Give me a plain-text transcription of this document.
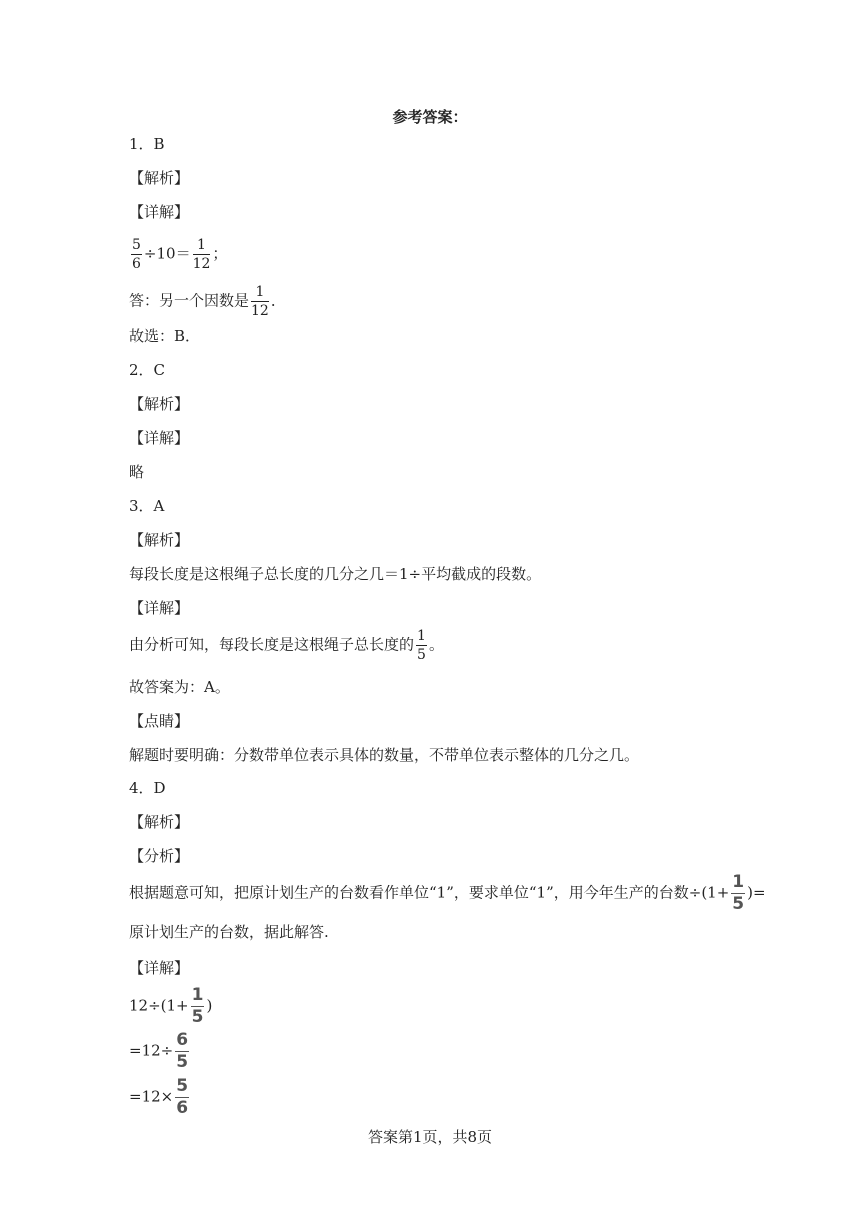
参考答案：
1．B
【解析】
【详解】
$\frac{5}{6} \div 10= \frac{1}{12}$ ；
答：另一个因数是 $\frac{1}{12}$ ．
故选：B．
2．C
【解析】
【详解】
略
3．A
【解析】
每段长度是这根绳子总长度的几分之几＝1÷平均截成的段数。
【详解】
由分析可知，每段长度是这根绳子总长度的 $\frac{1}{5}$ 。
故答案为：A。
【点睛】
解题时要明确：分数带单位表示具体的数量，不带单位表示整体的几分之几。
4．D
【解析】
【分析】
根据题意可知，把原计划生产的台数看作单位“1”，要求单位“1”，用今年生产的台数$\div(1+ \frac{1}{5}$ )=
原计划生产的台数，据此解答.
【详解】
$12\div(1+ \frac{1}{5}$ )
$=12\div \frac{6}{5}$
$=12\times \frac{5}{6}$
答案第1页，共8页
